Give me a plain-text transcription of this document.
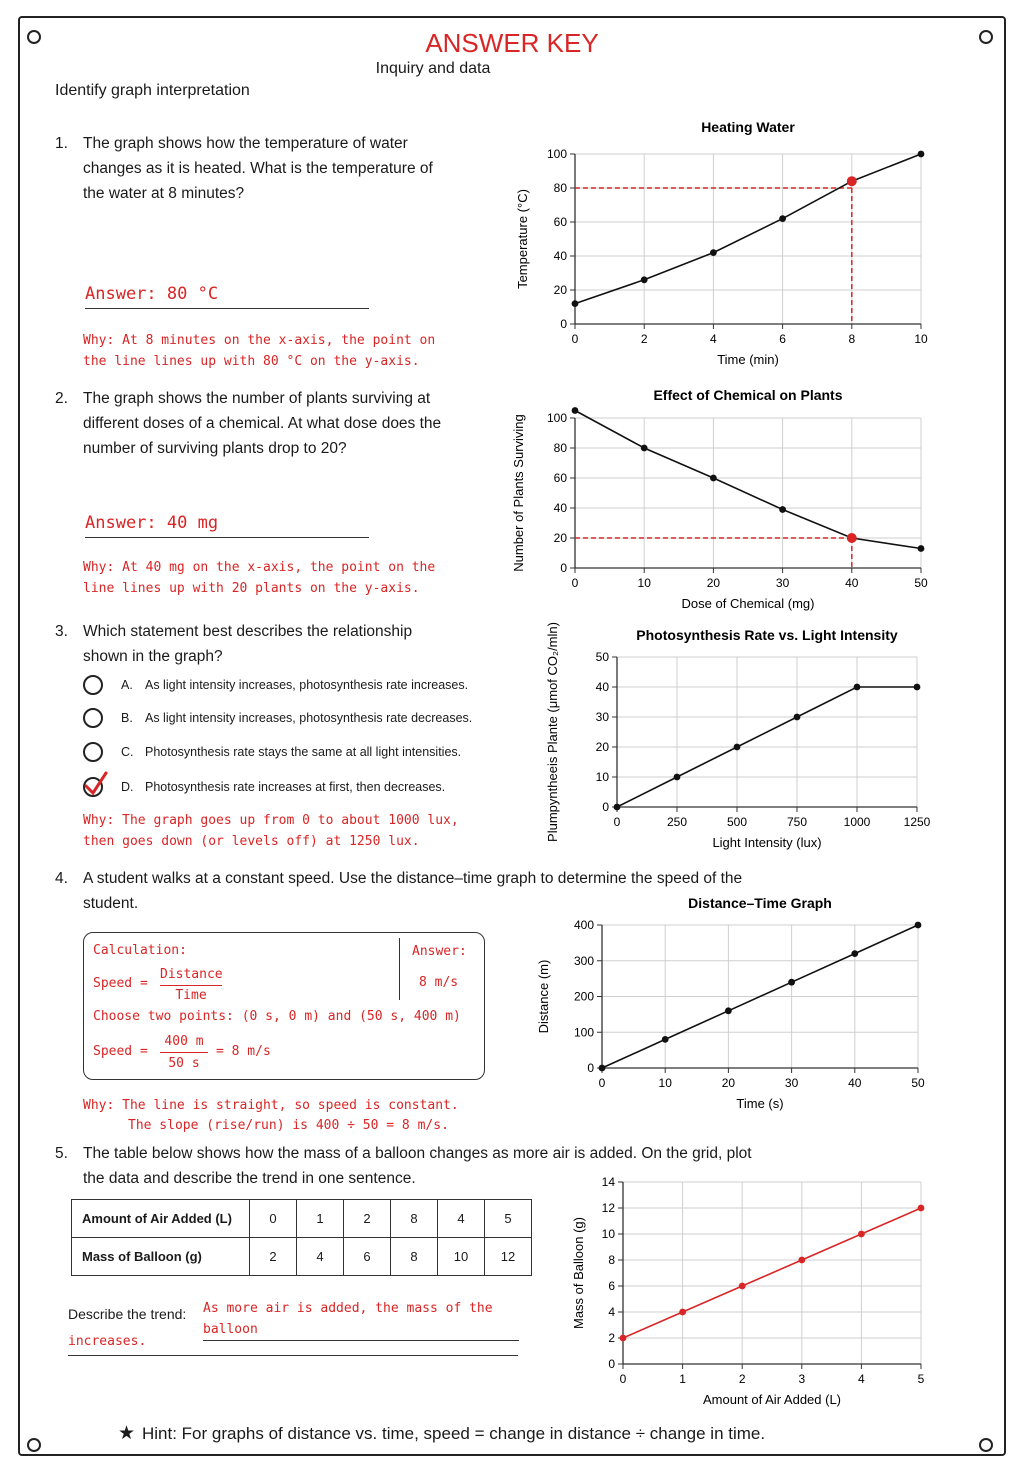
ANSWER KEY
Inquiry and data
Identify graph interpretation
1. The graph shows how the temperature of water changes as it is heated. What is the temperature of the water at 8 minutes?
Answer: 80 °C
Why: At 8 minutes on the x-axis, the point on the line lines up with 80 °C on the y-axis.
2. The graph shows the number of plants surviving at different doses of a chemical. At what dose does the number of surviving plants drop to 20?
Answer: 40 mg
Why: At 40 mg on the x-axis, the point on the line lines up with 20 plants on the y-axis.
3. Which statement best describes the relationship shown in the graph?
A. As light intensity increases, photosynthesis rate increases.
B. As light intensity increases, photosynthesis rate decreases.
C. Photosynthesis rate stays the same at all light intensities.
D. Photosynthesis rate increases at first, then decreases.
Why: The graph goes up from 0 to about 1000 lux, then goes down (or levels off) at 1250 lux.
4. A student walks at a constant speed. Use the distance–time graph to determine the speed of the student.
Calculation:
Speed =
Distance
Time
Choose two points: (0 s, 0 m) and (50 s, 400 m)
Speed =
400 m
50 s
= 8 m/s
Answer:
8 m/s
Why: The line is straight, so speed is constant.
The slope (rise/run) is 400 ÷ 50 = 8 m/s.
5. The table below shows how the mass of a balloon changes as more air is added. On the grid, plot the data and describe the trend in one sentence.
Amount of Air Added (L)	0	1	2	8	4	5
Mass of Balloon (g)	2	4	6	8	10	12
Describe the trend: As more air is added, the mass of the balloon
increases.
★ Hint: For graphs of distance vs. time, speed = change in distance ÷ change in time.
Heating Water
0
20
40
60
80
100
0	2	4	6	8	10
Time (min)
Temperature (°C)
Effect of Chemical on Plants
0
20
40
60
80
100
0	10	20	30	40	50
Dose of Chemical (mg)
Number of Plants Surviving
Photosynthesis Rate vs. Light Intensity
0
10
20
30
40
50
0	250	500	750	1000	1250
Light Intensity (lux)
Plumpyntheeis Plante (μmof CO₂/mln)
Distance–Time Graph
0
100
200
300
400
0	10	20	30	40	50
Time (s)
Distance (m)
0
2
4
6
8
10
12
14
0	1	2	3	4	5
Amount of Air Added (L)
Mass of Balloon (g)
